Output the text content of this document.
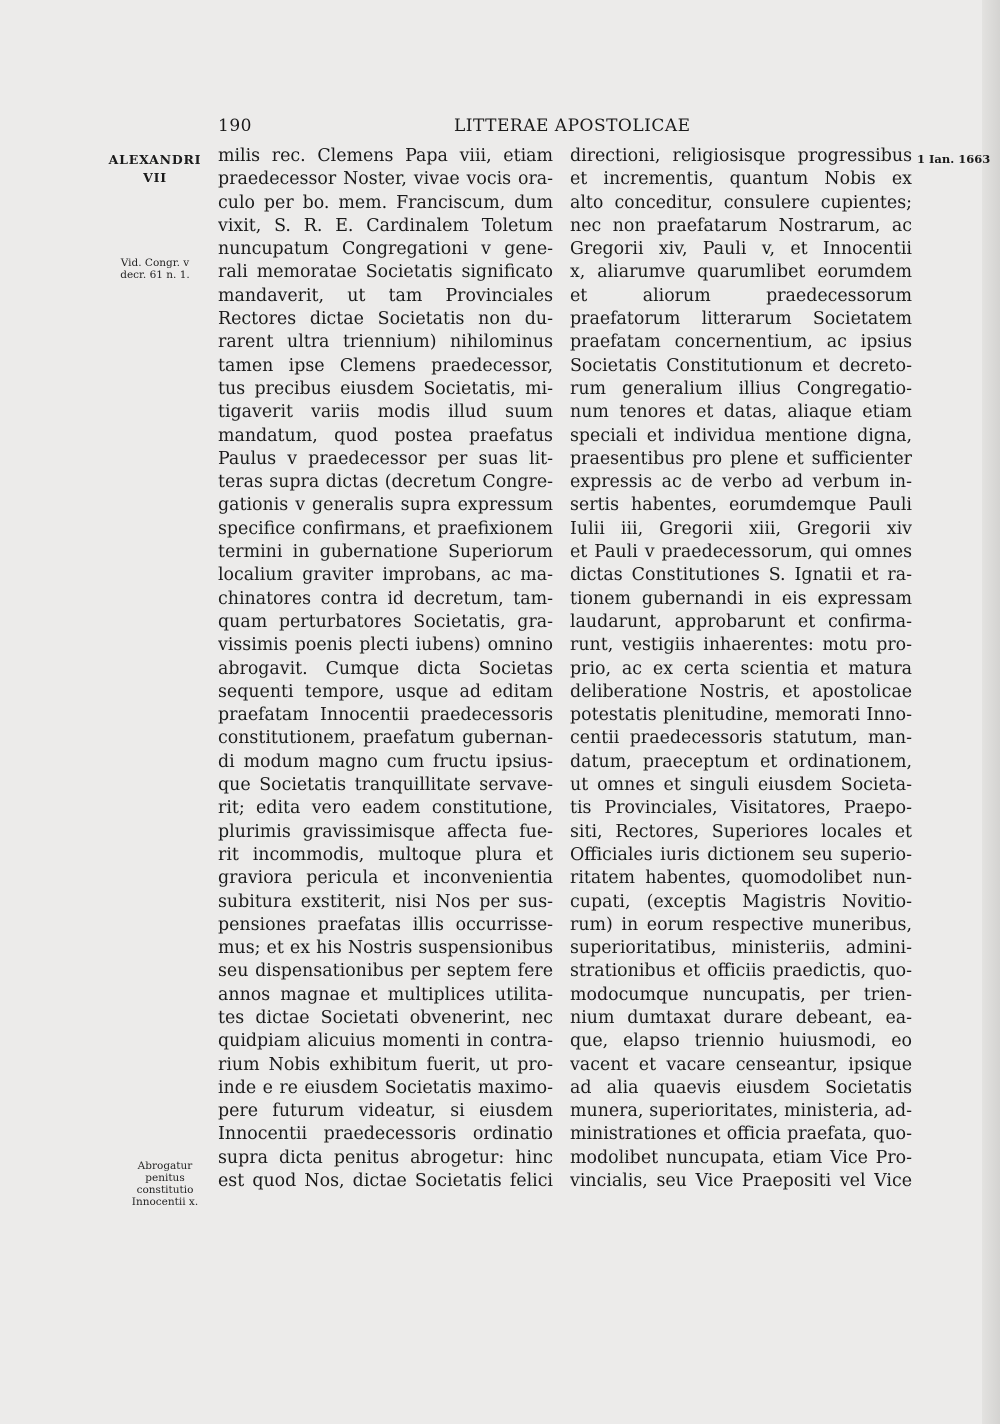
190	LITTERAE APOSTOLICAE
ALEXANDRI
VII
Vid. Congr. v
decr. 61 n. 1.
Abrogatur
penitus
constitutio
Innocentii x.
1 Ian. 1663
milis rec. Clemens Papa viii, etiam
praedecessor Noster, vivae vocis ora-
culo per bo. mem. Franciscum, dum
vixit, S. R. E. Cardinalem Toletum
nuncupatum Congregationi v gene-
rali memoratae Societatis significato
mandaverit, ut tam Provinciales
Rectores dictae Societatis non du-
rarent ultra triennium) nihilominus
tamen ipse Clemens praedecessor,
tus precibus eiusdem Societatis, mi-
tigaverit variis modis illud suum
mandatum, quod postea praefatus
Paulus v praedecessor per suas lit-
teras supra dictas (decretum Congre-
gationis v generalis supra expressum
specifice confirmans, et praefixionem
termini in gubernatione Superiorum
localium graviter improbans, ac ma-
chinatores contra id decretum, tam-
quam perturbatores Societatis, gra-
vissimis poenis plecti iubens) omnino
abrogavit. Cumque dicta Societas
sequenti tempore, usque ad editam
praefatam Innocentii praedecessoris
constitutionem, praefatum gubernan-
di modum magno cum fructu ipsius-
que Societatis tranquillitate servave-
rit; edita vero eadem constitutione,
plurimis gravissimisque affecta fue-
rit incommodis, multoque plura et
graviora pericula et inconvenientia
subitura exstiterit, nisi Nos per sus-
pensiones praefatas illis occurrisse-
mus; et ex his Nostris suspensionibus
seu dispensationibus per septem fere
annos magnae et multiplices utilita-
tes dictae Societati obvenerint, nec
quidpiam alicuius momenti in contra-
rium Nobis exhibitum fuerit, ut pro-
inde e re eiusdem Societatis maximo-
pere futurum videatur, si eiusdem
Innocentii praedecessoris ordinatio
supra dicta penitus abrogetur: hinc
est quod Nos, dictae Societatis felici
directioni, religiosisque progressibus
et incrementis, quantum Nobis ex
alto conceditur, consulere cupientes;
nec non praefatarum Nostrarum, ac
Gregorii xiv, Pauli v, et Innocentii
x, aliarumve quarumlibet eorumdem
et aliorum praedecessorum
praefatorum litterarum Societatem
praefatam concernentium, ac ipsius
Societatis Constitutionum et decreto-
rum generalium illius Congregatio-
num tenores et datas, aliaque etiam
speciali et individua mentione digna,
praesentibus pro plene et sufficienter
expressis ac de verbo ad verbum in-
sertis habentes, eorumdemque Pauli
Iulii iii, Gregorii xiii, Gregorii xiv
et Pauli v praedecessorum, qui omnes
dictas Constitutiones S. Ignatii et ra-
tionem gubernandi in eis expressam
laudarunt, approbarunt et confirma-
runt, vestigiis inhaerentes: motu pro-
prio, ac ex certa scientia et matura
deliberatione Nostris, et apostolicae
potestatis plenitudine, memorati Inno-
centii praedecessoris statutum, man-
datum, praeceptum et ordinationem,
ut omnes et singuli eiusdem Societa-
tis Provinciales, Visitatores, Praepo-
siti, Rectores, Superiores locales et
Officiales iuris dictionem seu superio-
ritatem habentes, quomodolibet nun-
cupati, (exceptis Magistris Novitio-
rum) in eorum respective muneribus,
superioritatibus, ministeriis, admini-
strationibus et officiis praedictis, quo-
modocumque nuncupatis, per trien-
nium dumtaxat durare debeant, ea-
que, elapso triennio huiusmodi, eo
vacent et vacare censeantur, ipsique
ad alia quaevis eiusdem Societatis
munera, superioritates, ministeria, ad-
ministrationes et officia praefata, quo-
modolibet nuncupata, etiam Vice Pro-
vincialis, seu Vice Praepositi vel Vice
